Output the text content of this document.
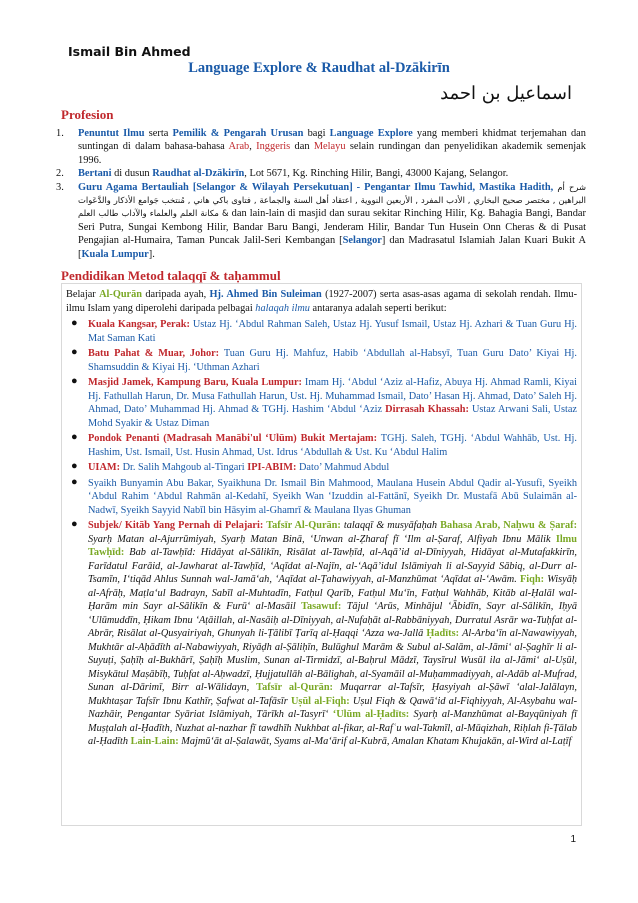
Ismail Bin Ahmed
Language Explore & Raudhat al-Dzākirīn
اسماعيل بن احمد
Profesion

1. Penuntut Ilmu serta Pemilik & Pengarah Urusan bagi Language Explore yang memberi khidmat terjemahan dan suntingan di dalam bahasa-bahasa Arab, Inggeris dan Melayu selain rundingan dan penyelidikan akademik semenjak 1996.

2. Bertani di dusun Raudhat al-Dzākirīn, Lot 5671, Kg. Rinching Hilir, Bangi, 43000 Kajang, Selangor.

3. Guru Agama Bertauliah [Selangor & Wilayah Persekutuan] - Pengantar Ilmu Tawhid, Mastika Hadith, شرح أم البراهين , مختصر صحيح البخاري , الأدب المفرد , الأربعين النووية , اعتقاد أهل السنة والجماعة , فتاوى باكي هاني , مُنتخب جَوامع الأذكار والدَّعَوات & مكانة العلم والعلماء والآداب طالب العلم dan lain-lain di masjid dan surau sekitar Rinching Hilir, Kg. Bahagia Bangi, Bandar Seri Putra, Sungai Kembong Hilir, Bandar Baru Bangi, Jenderam Hilir, Bandar Tun Husein Onn Cheras & di Pusat Pengajian al-Humaira, Taman Puncak Jalil-Seri Kembangan [Selangor] dan Madrasatul Islamiah Jalan Kuari Bukit A [Kuala Lumpur].

Pendidikan Metod talaqqī & taḥammul

Belajar Al-Qurān daripada ayah, Hj. Ahmed Bin Suleiman (1927-2007) serta asas-asas agama di sekolah rendah. Ilmu-ilmu Islam yang diperolehi daripada pelbagai halaqah ilmu antaranya adalah seperti berikut:

● Kuala Kangsar, Perak: Ustaz Hj. ‘Abdul Rahman Saleh, Ustaz Hj. Yusuf Ismail, Ustaz Hj. Azhari & Tuan Guru Hj. Mat Saman Kati
● Batu Pahat & Muar, Johor: Tuan Guru Hj. Mahfuz, Habib ‘Abdullah al-Habsyī, Tuan Guru Dato’ Kiyai Hj. Shamsuddin & Kiyai Hj. ‘Uthman Azhari
● Masjid Jamek, Kampung Baru, Kuala Lumpur: Imam Hj. ‘Abdul ‘Aziz al-Hafiz, Abuya Hj. Ahmad Ramli, Kiyai Hj. Fathullah Harun, Dr. Musa Fathullah Harun, Ust. Hj. Muhammad Ismail, Dato’ Hasan Hj. Ahmad, Dato’ Saleh Hj. Ahmad, Dato’ Muhammad Hj. Ahmad & TGHj. Hashim ‘Abdul ‘Aziz Dirrasah Khassah: Ustaz Arwani Sali, Ustaz Mohd Syakir & Ustaz Diman
● Pondok Penanti (Madrasah Manābi'ul ‘Ulūm) Bukit Mertajam: TGHj. Saleh, TGHj. ‘Abdul Wahhāb, Ust. Hj. Hashim, Ust. Ismail, Ust. Husin Ahmad, Ust. Idrus ‘Abdullah & Ust. Ku ‘Abdul Halim
● UIAM: Dr. Salih Mahgoub al-Tingari IPI-ABIM: Dato’ Mahmud Abdul
● Syaikh Bunyamin Abu Bakar, Syaikhuna Dr. Ismail Bin Mahmood, Maulana Husein Abdul Qadir al-Yusufi, Syeikh ‘Abdul Rahim ‘Abdul Rahmān al-Kedahī, Syeikh Wan ‘Izuddin al-Fattānī, Syeikh Dr. Mustafā Abū Sulaimān al-Nadwī, Syeikh Sayyid Nabīl bin Hāsyim al-Ghamrī & Maulana Ilyas Ghuman
● Subjek/ Kitāb Yang Pernah di Pelajari: Tafsīr Al-Qurān: talaqqī & musyāfaḥah Bahasa Arab, Naḥwu & Ṣaraf: Syarḥ Matan al-Ajurrūmiyah, Syarḥ Matan Binā, ‘Unwan al-Ẓharaf fī ‘Ilm al-Ṣaraf, Alfiyah Ibnu Mālik Ilmu Tawḥīd: Bab al-Tawḥīd: Hidāyat al-Sālikīn, Risālat al-Tawḥīd, al-Aqā’id al-Dīniyyah, Hidāyat al-Mutafakkirīn, Farīdatul Farāid, al-Jawharat al-Tawḥīd, ‘Aqīdat al-Najīn, al-‘Aqā’idul Islāmiyah li al-Sayyid Sābiq, al-Durr al-Tsamīn, I‘tiqād Ahlus Sunnah wal-Jamā‘ah, ‘Aqīdat al-Ṭahawiyyah, al-Manzhūmat ‘Aqīdat al-‘Awām. Fiqh: Wisyāḥ al-Afrāḥ, Maṭla‘ul Badrayn, Sabīl al-Muhtadīn, Fatḥul Qarīb, Fatḥul Mu‘īn, Fatḥul Wahhāb, Kitāb al-Ḥalāl wal-Ḥarām min Sayr al-Sālikīn & Furū‘ al-Masāil Tasawuf: Tājul ‘Arūs, Minhājul ‘Ābidīn, Sayr al-Sālikīn, Iḥyā ‘Ulūmuddīn, Ḥikam Ibnu ‘Aṭāillah, al-Nasāiḥ al-Dīniyyah, al-Nufaḥāt al-Rabbāniyyah, Durratul Asrār wa-Tuḥfat al-Abrār, Risālat al-Qusyairiyah, Ghunyah li-Ṭālibī Ṭarīq al-Ḥaqqi ‘Azza wa-Jallā Ḥadīts: Al-Arba‘īn al-Nawawiyyah, Mukhtār al-Aḥādīth al-Nabawiyyah, Riyāḍh al-Ṣāliḥīn, Bulūghul Marām & Subul al-Salām, al-Jāmi‘ al-Ṣaghīr li al-Suyuṭi, Ṣaḥīḥ al-Bukhārī, Ṣaḥīḥ Muslim, Sunan al-Tirmidzī, al-Baḥrul Mādzī, Taysīrul Wusūl ila al-Jāmi‘ al-Uṣūl, Misykātul Maṣābīḥ, Tuḥfat al-Aḥwadzī, Ḥujjatullāh al-Bālighah, al-Syamāil al-Muḥammadiyyah, al-Adāb al-Mufrad, Sunan al-Dārimī, Birr al-Wālidayn, Tafsīr al-Qurān: Muqarrar al-Tafsīr, Ḥasyiyah al-Ṣāwī ‘alal-Jalālayn, Mukhtaṣar Tafsīr Ibnu Kathīr, Ṣafwat al-Tafāsīr Uṣūl al-Fiqh: Uṣul Fiqh & Qawā‘id al-Fiqhiyyah, Al-Asybahu wal-Nazhāir, Pengantar Syāriat Islāmiyah, Tārīkh al-Tasyrī‘ ‘Ulūm al-Ḥadīts: Syarḥ al-Manzhūmat al-Bayqūniyah fī Muṣṭalah al-Ḥadīth, Nuzhat al-nazhar fī tawdhīh Nukhbat al-fikar, al-Rafʿu wal-Takmīl, al-Mūqizhah, Riḥlah fi-Ṭālab al-Ḥadīth Lain-Lain: Majmū‘āt al-Ṣalawāt, Syams al-Ma‘ārif al-Kubrā, Amalan Khatam Khujakān, al-Wird al-Laṭīf
1
